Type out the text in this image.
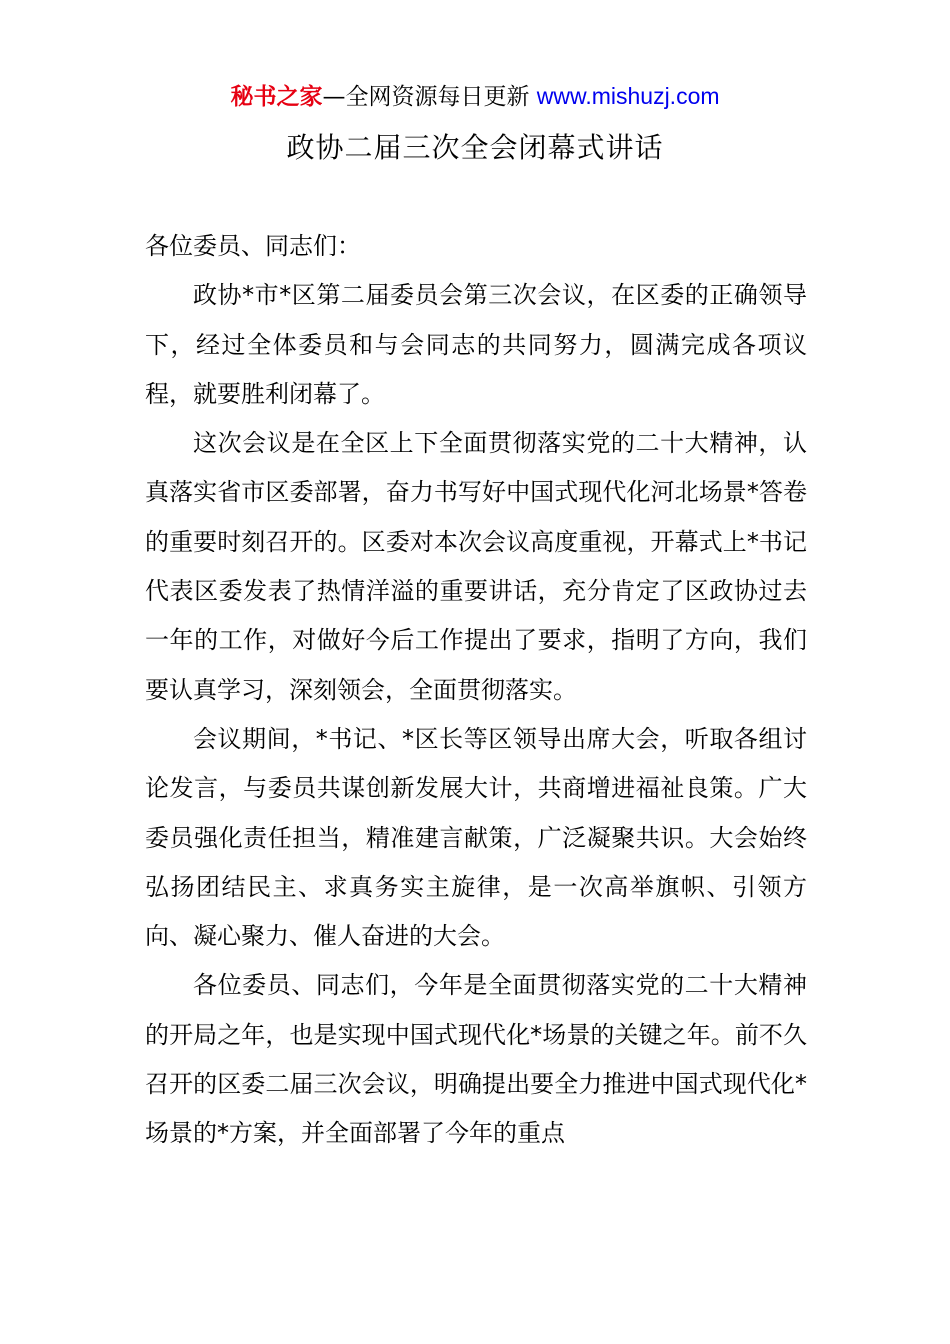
秘书之家—全网资源每日更新 www.mishuzj.com
政协二届三次全会闭幕式讲话

各位委员、同志们：

政协*市*区第二届委员会第三次会议，在区委的正确领导下，经过全体委员和与会同志的共同努力，圆满完成各项议程，就要胜利闭幕了。

这次会议是在全区上下全面贯彻落实党的二十大精神，认真落实省市区委部署，奋力书写好中国式现代化河北场景*答卷的重要时刻召开的。区委对本次会议高度重视，开幕式上*书记代表区委发表了热情洋溢的重要讲话，充分肯定了区政协过去一年的工作，对做好今后工作提出了要求，指明了方向，我们要认真学习，深刻领会，全面贯彻落实。

会议期间，*书记、*区长等区领导出席大会，听取各组讨论发言，与委员共谋创新发展大计，共商增进福祉良策。广大委员强化责任担当，精准建言献策，广泛凝聚共识。大会始终弘扬团结民主、求真务实主旋律，是一次高举旗帜、引领方向、凝心聚力、催人奋进的大会。

各位委员、同志们，今年是全面贯彻落实党的二十大精神的开局之年，也是实现中国式现代化*场景的关键之年。前不久召开的区委二届三次会议，明确提出要全力推进中国式现代化*场景的*方案，并全面部署了今年的重点
